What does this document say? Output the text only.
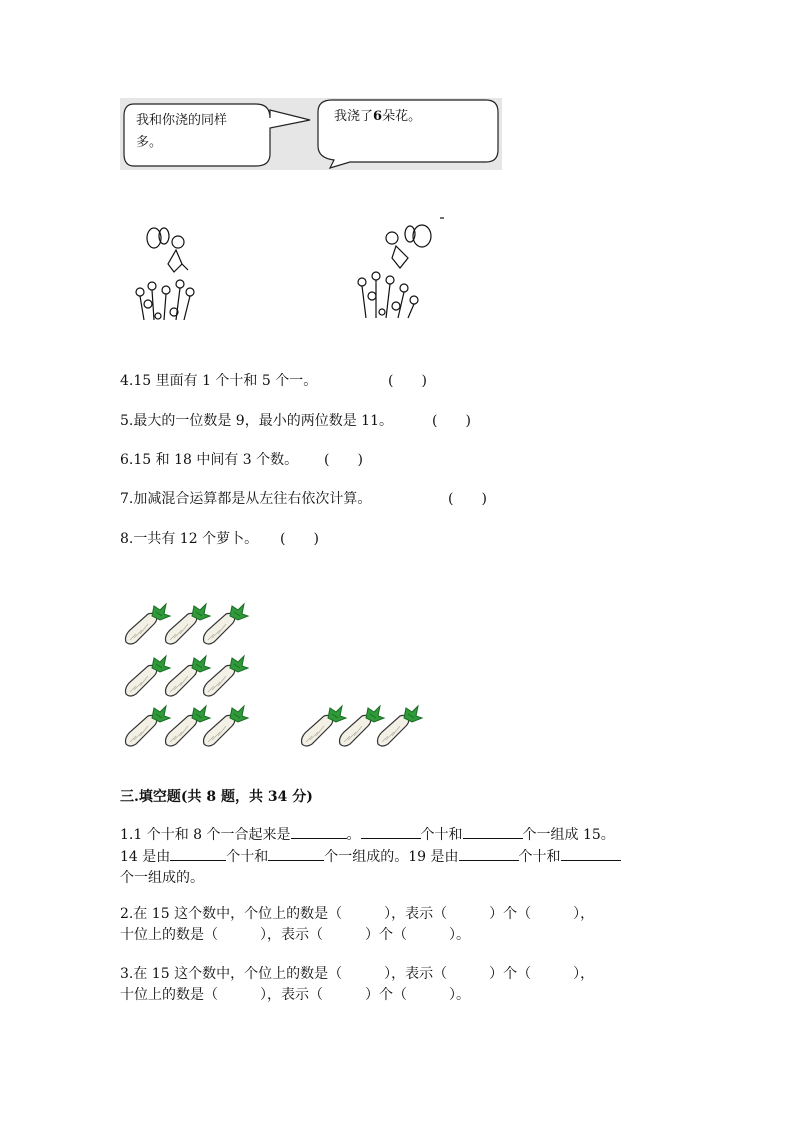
我和你浇的同样
多。
我浇了6朵花。
4.15 里面有 1 个十和 5 个一。	(　　)
5.最大的一位数是 9，最小的两位数是 11。	(　　)
6.15 和 18 中间有 3 个数。 (　　)
7.加减混合运算都是从左往右依次计算。	(　　)
8.一共有 12 个萝卜。 (　　)
三.填空题(共 8 题，共 34 分)
1.1 个十和 8 个一合起来是	。	个十和	个一组成 15。
14 是由	个十和	个一组成的。19 是由	个十和
个一组成的。
2.在 15 这个数中，个位上的数是（　　　），表示（　　　）个（　　　），
十位上的数是（　　　），表示（　　　）个（　　　）。
3.在 15 这个数中，个位上的数是（　　　），表示（　　　）个（　　　），
十位上的数是（　　　），表示（　　　）个（　　　）。
